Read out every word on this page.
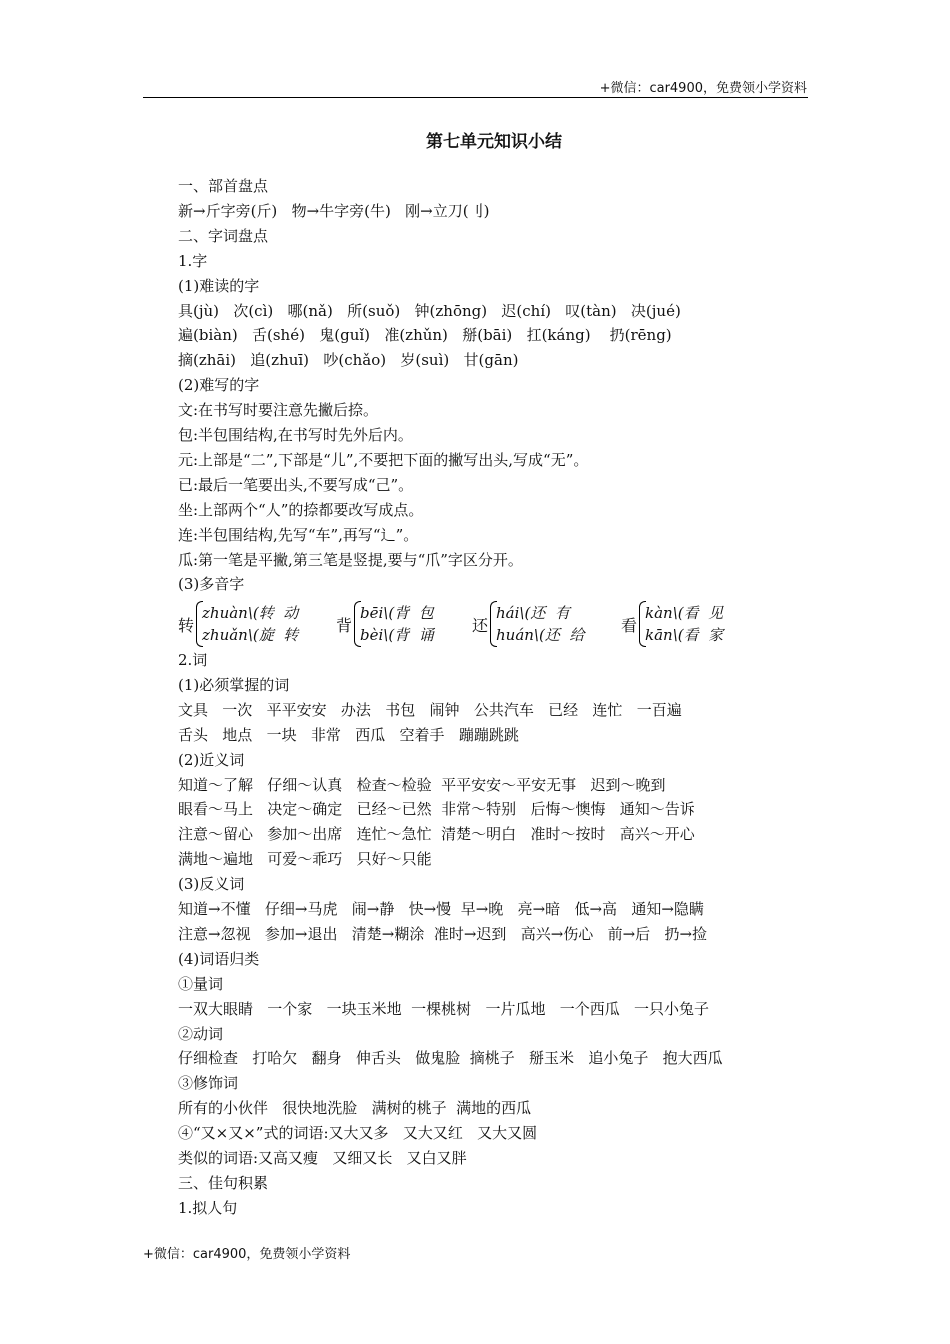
+微信：car4900，免费领小学资料
第七单元知识小结
一、部首盘点
新→斤字旁(斤)   物→牛字旁(牛)   刚→立刀(刂)
二、字词盘点
1.字
(1)难读的字
具(jù)   次(cì)   哪(nǎ)   所(suǒ)   钟(zhōng)   迟(chí)   叹(tàn)   决(jué)
遍(biàn)   舌(shé)   鬼(guǐ)   准(zhǔn)   掰(bāi)   扛(káng)    扔(rēng)
摘(zhāi)   追(zhuī)   吵(chǎo)   岁(suì)   甘(gān)
(2)难写的字
文:在书写时要注意先撇后捺。
包:半包围结构,在书写时先外后内。
元:上部是“二”,下部是“儿”,不要把下面的撇写出头,写成“无”。
已:最后一笔要出头,不要写成“己”。
坐:上部两个“人”的捺都要改写成点。
连:半包围结构,先写“车”,再写“辶”。
瓜:第一笔是平撇,第三笔是竖提,要与“爪”字区分开。
(3)多音字
转
zhuàn\(转  动
zhuǎn\(旋  转 背
bēi\(背  包
bèi\(背  诵 还
hái\(还  有
huán\(还  给 看
kàn\(看  见
kān\(看  家
2.词
(1)必须掌握的词
文具   一次   平平安安   办法   书包   闹钟   公共汽车   已经   连忙   一百遍
舌头   地点   一块   非常   西瓜   空着手   蹦蹦跳跳
(2)近义词
知道～了解   仔细～认真   检查～检验  平平安安～平安无事   迟到～晚到
眼看～马上   决定～确定   已经～已然  非常～特别   后悔～懊悔   通知～告诉
注意～留心   参加～出席   连忙～急忙  清楚～明白   准时～按时   高兴～开心
满地～遍地   可爱～乖巧   只好～只能
(3)反义词
知道→不懂   仔细→马虎   闹→静   快→慢  早→晚   亮→暗   低→高   通知→隐瞒
注意→忽视   参加→退出   清楚→糊涂  准时→迟到   高兴→伤心   前→后   扔→捡
(4)词语归类
①量词
一双大眼睛   一个家   一块玉米地  一棵桃树   一片瓜地   一个西瓜   一只小兔子
②动词
仔细检查   打哈欠   翻身   伸舌头   做鬼脸  摘桃子   掰玉米   追小兔子   抱大西瓜
③修饰词
所有的小伙伴   很快地洗脸   满树的桃子  满地的西瓜
④“又×又×”式的词语:又大又多   又大又红   又大又圆
类似的词语:又高又瘦   又细又长   又白又胖
三、佳句积累
1.拟人句
+微信：car4900，免费领小学资料
